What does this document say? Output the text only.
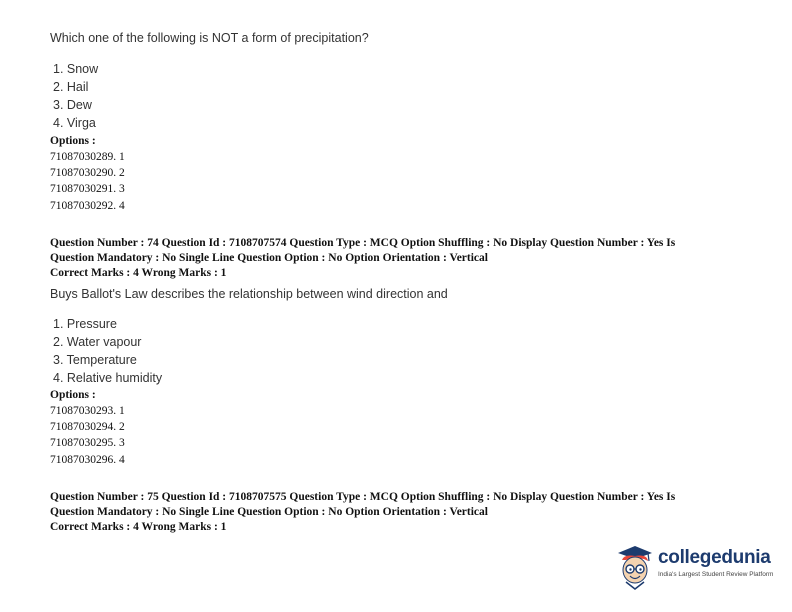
Which one of the following is NOT a form of precipitation?
1. Snow
2. Hail
3. Dew
4. Virga
Options :
71087030289. 1
71087030290. 2
71087030291. 3
71087030292. 4
Question Number : 74 Question Id : 7108707574 Question Type : MCQ Option Shuffling : No Display Question Number : Yes Is
Question Mandatory : No Single Line Question Option : No Option Orientation : Vertical
Correct Marks : 4 Wrong Marks : 1
Buys Ballot's Law describes the relationship between wind direction and
1. Pressure
2. Water vapour
3. Temperature
4. Relative humidity
Options :
71087030293. 1
71087030294. 2
71087030295. 3
71087030296. 4
Question Number : 75 Question Id : 7108707575 Question Type : MCQ Option Shuffling : No Display Question Number : Yes Is
Question Mandatory : No Single Line Question Option : No Option Orientation : Vertical
Correct Marks : 4 Wrong Marks : 1
collegedunia
India's Largest Student Review Platform
